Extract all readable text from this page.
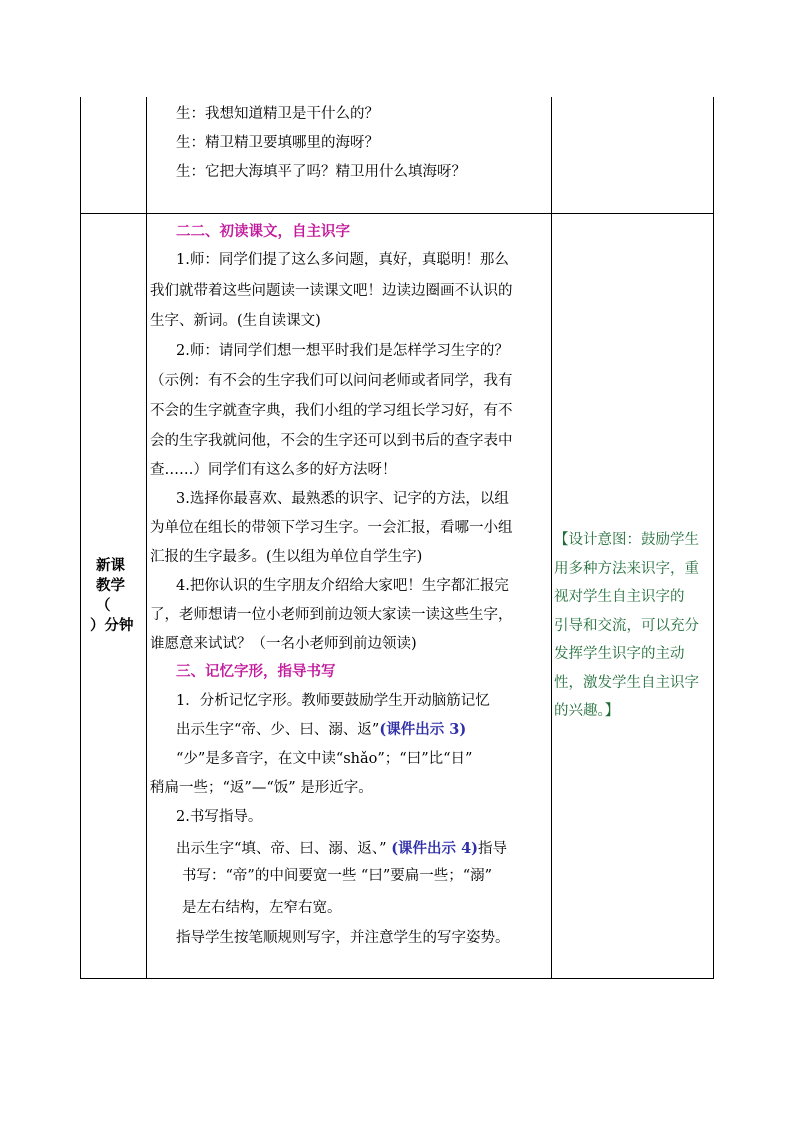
生：我想知道精卫是干什么的？
生：精卫精卫要填哪里的海呀？
生：它把大海填平了吗？精卫用什么填海呀？
新课
教学
（
）分钟
二二、初读课文，自主识字
1.师：同学们提了这么多问题，真好，真聪明！那么
我们就带着这些问题读一读课文吧！边读边圈画不认识的
生字、新词。(生自读课文)
2.师：请同学们想一想平时我们是怎样学习生字的？
（示例：有不会的生字我们可以问问老师或者同学，我有
不会的生字就查字典，我们小组的学习组长学习好，有不
会的生字我就问他，不会的生字还可以到书后的查字表中
查……）同学们有这么多的好方法呀！
3.选择你最喜欢、最熟悉的识字、记字的方法，以组
为单位在组长的带领下学习生字。一会汇报，看哪一小组
汇报的生字最多。(生以组为单位自学生字)
4.把你认识的生字朋友介绍给大家吧！生字都汇报完
了，老师想请一位小老师到前边领大家读一读这些生字，
谁愿意来试试？（一名小老师到前边领读)
三、记忆字形，指导书写
1．分析记忆字形。教师要鼓励学生开动脑筋记忆
出示生字“帝、少、曰、溺、返”(课件出示 3)
“少”是多音字，在文中读“shǎo”；“曰”比“日”
稍扁一些；“返”—“饭” 是形近字。
2.书写指导。
出示生字“填、帝、曰、溺、返、” (课件出示 4)指导
书写：“帝”的中间要宽一些 “曰”要扁一些；“溺”
是左右结构，左窄右宽。
指导学生按笔顺规则写字，并注意学生的写字姿势。
【设计意图：鼓励学生
用多种方法来识字，重
视对学生自主识字的
引导和交流，可以充分
发挥学生识字的主动
性，激发学生自主识字
的兴趣。】
